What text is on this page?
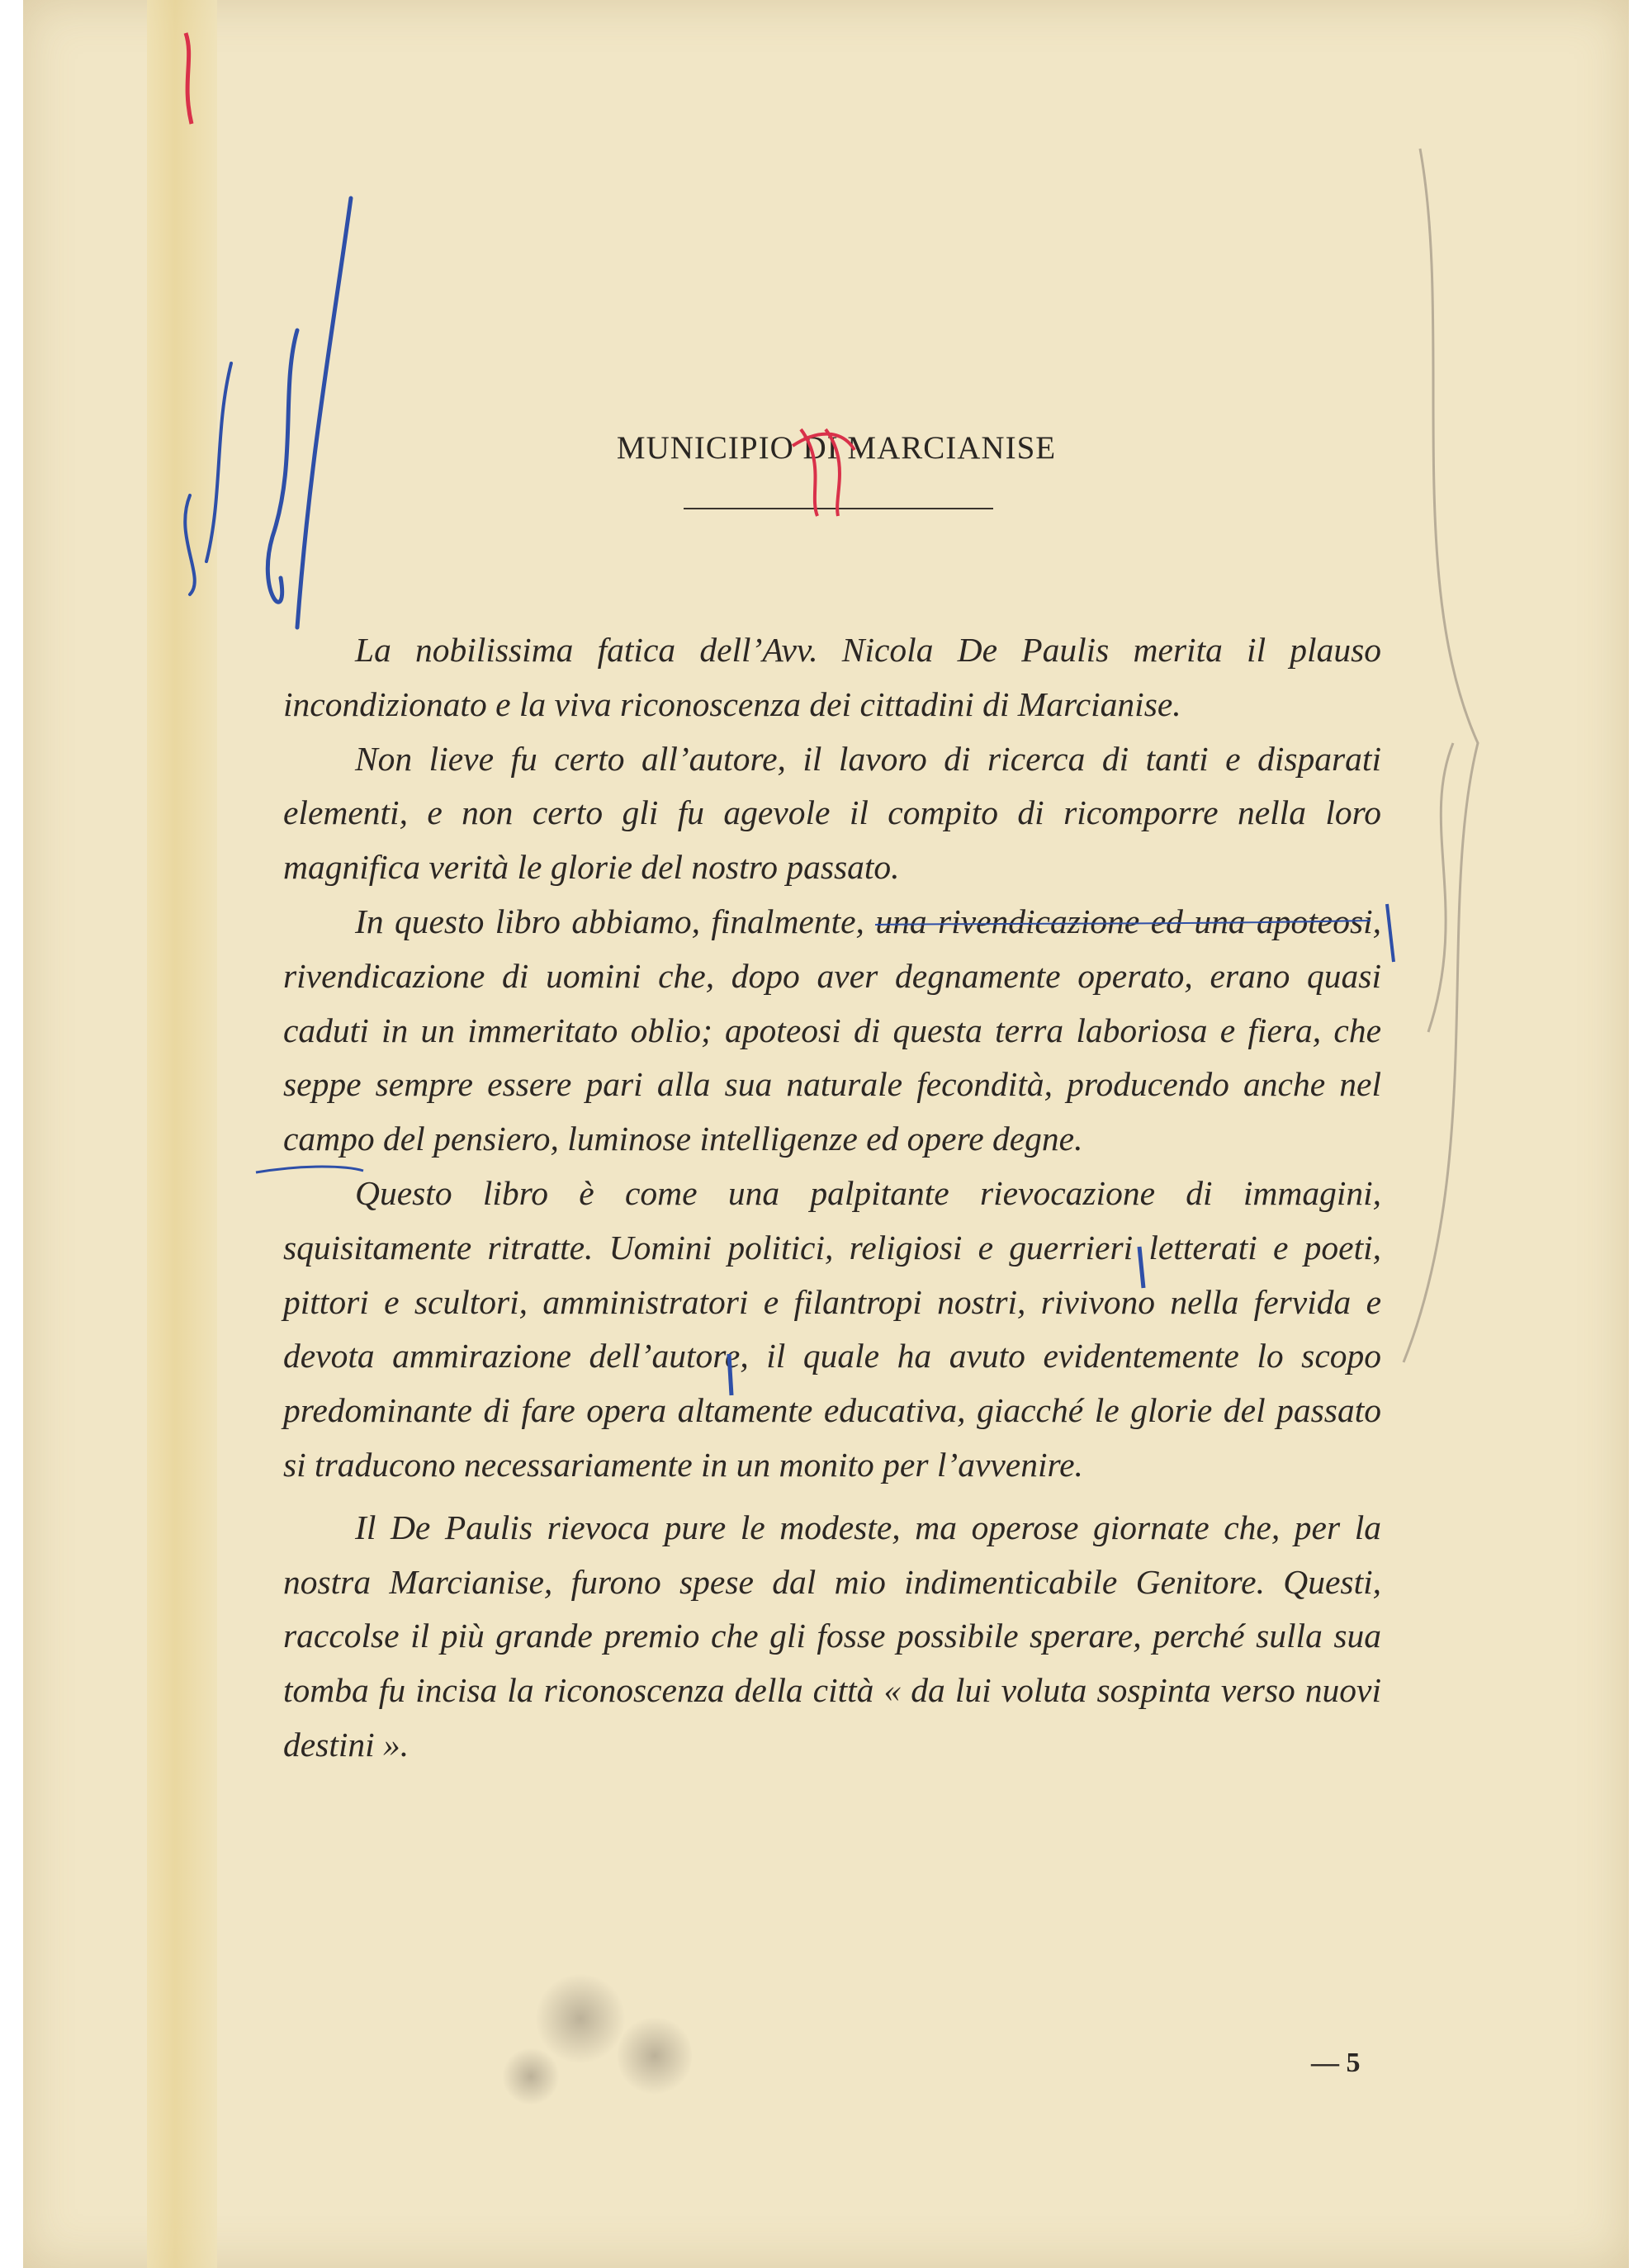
MUNICIPIO DI MARCIANISE

La nobilissima fatica dell’Avv. Nicola De Paulis merita il plauso incondizionato e la viva riconoscenza dei cittadini di Marcianise.

Non lieve fu certo all’autore, il lavoro di ricerca di tanti e disparati elementi, e non certo gli fu agevole il compito di ricomporre nella loro magnifica verità le glorie del nostro passato.

In questo libro abbiamo, finalmente, una rivendicazione ed una apoteosi, rivendicazione di uomini che, dopo aver degnamente operato, erano quasi caduti in un immeritato oblio; apoteosi di questa terra laboriosa e fiera, che seppe sempre essere pari alla sua naturale fecondità, producendo anche nel campo del pensiero, luminose intelligenze ed opere degne.

Questo libro è come una palpitante rievocazione di immagini, squisitamente ritratte. Uomini politici, religiosi e guerrieri letterati e poeti, pittori e scultori, amministratori e filantropi nostri, rivivono nella fervida e devota ammirazione dell’autore, il quale ha avuto evidentemente lo scopo predominante di fare opera altamente educativa, giacché le glorie del passato si traducono necessariamente in un monito per l’avvenire.

Il De Paulis rievoca pure le modeste, ma operose giornate che, per la nostra Marcianise, furono spese dal mio indimenticabile Genitore. Questi, raccolse il più grande premio che gli fosse possibile sperare, perché sulla sua tomba fu incisa la riconoscenza della città « da lui voluta sospinta verso nuovi destini ».

— 5
